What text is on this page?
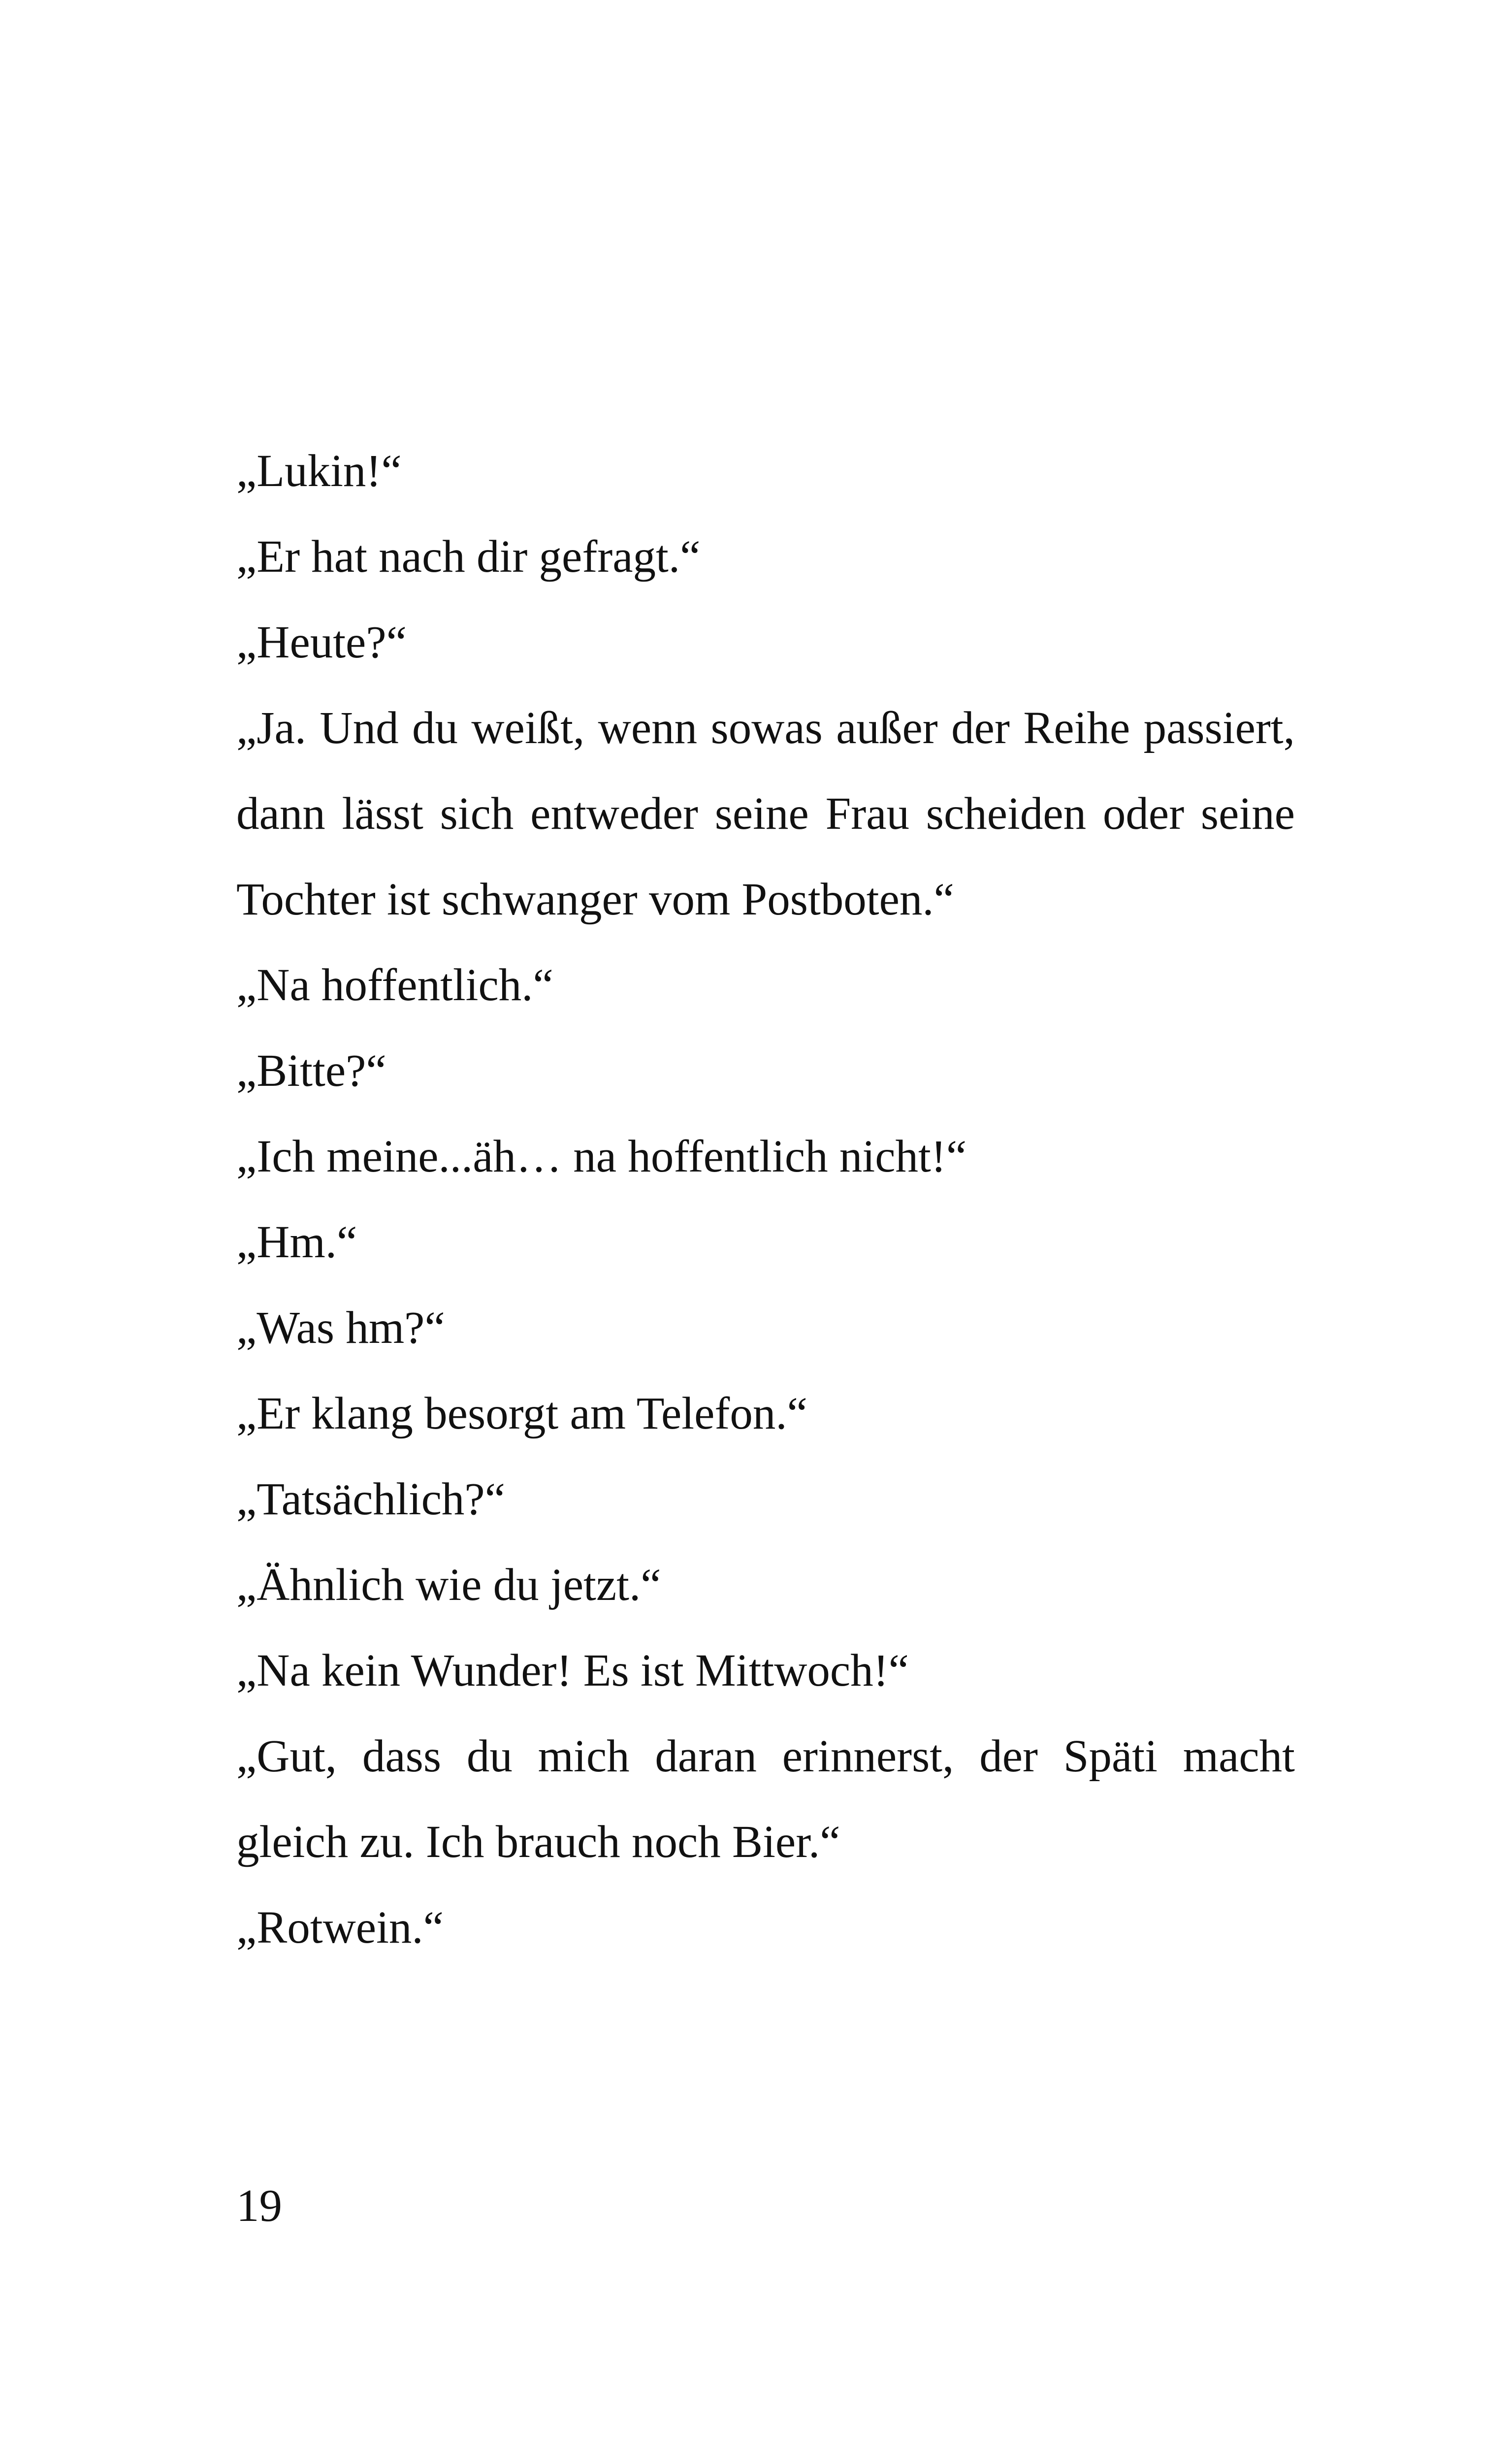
„Lukin!“

„Er hat nach dir gefragt.“

„Heute?“

„Ja. Und du weißt, wenn sowas außer der Reihe passiert, dann lässt sich entweder seine Frau scheiden oder seine Tochter ist schwanger vom Postboten.“

„Na hoffentlich.“

„Bitte?“

„Ich meine...äh… na hoffentlich nicht!“

„Hm.“

„Was hm?“

„Er klang besorgt am Telefon.“

„Tatsächlich?“

„Ähnlich wie du jetzt.“

„Na kein Wunder! Es ist Mittwoch!“

„Gut, dass du mich daran erinnerst, der Späti macht gleich zu. Ich brauch noch Bier.“

„Rotwein.“

19
